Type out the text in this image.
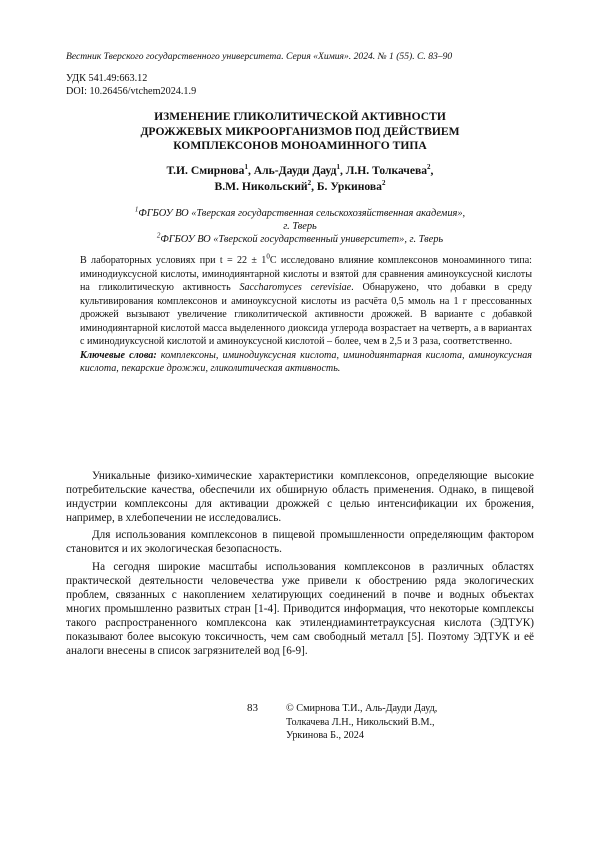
Вестник Тверского государственного университета. Серия «Химия». 2024. № 1 (55). С. 83–90
УДК 541.49:663.12
DOI: 10.26456/vtchem2024.1.9
ИЗМЕНЕНИЕ ГЛИКОЛИТИЧЕСКОЙ АКТИВНОСТИ
ДРОЖЖЕВЫХ МИКРООРГАНИЗМОВ ПОД ДЕЙСТВИЕМ
КОМПЛЕКСОНОВ МОНОАМИННОГО ТИПА
Т.И. Смирнова$^1$, Аль-Дауди Дауд$^1$, Л.Н. Толкачева$^2$,
В.М. Никольский$^2$, Б. Уркинова$^2$
$^1$ФГБОУ ВО «Тверская государственная сельскохозяйственная академия»,
г. Тверь
$^2$ФГБОУ ВО «Тверской государственный университет», г. Тверь

В лабораторных условиях при $t = 22 \pm 1^0С$ исследовано влияние комплексонов моноаминного типа: иминодиуксусной кислоты, иминодиянтарной кислоты и взятой для сравнения аминоуксусной кислоты на гликолитическую активность Saccharomyces cerevisiae. Обнаружено, что добавки в среду культивирования комплексонов и аминоуксусной кислоты из расчёта 0,5 ммоль на 1 г прессованных дрожжей вызывают увеличение гликолитической активности дрожжей. В варианте с добавкой иминодиянтарной кислотой масса выделенного диоксида углерода возрастает на четверть, а в вариантах с иминодиуксусной кислотой и аминоуксусной кислотой – более, чем в 2,5 и 3 раза, соответственно.

Ключевые слова: комплексоны, иминодиуксусная кислота, иминодиянтарная кислота, аминоуксусная кислота, пекарские дрожжи, гликолитическая активность.

Уникальные физико-химические характеристики комплексонов, определяющие высокие потребительские качества, обеспечили их обширную область применения. Однако, в пищевой индустрии комплексоны для активации дрожжей с целью интенсификации их брожения, например, в хлебопечении не исследовались.

Для использования комплексонов в пищевой промышленности определяющим фактором становится и их экологическая безопасность.

На сегодня широкие масштабы использования комплексонов в различных областях практической деятельности человечества уже привели к обострению ряда экологических проблем, связанных с накоплением хелатирующих соединений в почве и водных объектах многих промышленно развитых стран [1-4]. Приводится информация, что некоторые комплексы такого распространенного комплексона как этилендиаминтетрауксусная кислота (ЭДТУК) показывают более высокую токсичность, чем сам свободный металл [5]. Поэтому ЭДТУК и её аналоги внесены в список загрязнителей вод [6-9].

83	© Смирнова Т.И., Аль-Дауди Дауд,
Толкачева Л.Н., Никольский В.М.,
Уркинова Б., 2024
